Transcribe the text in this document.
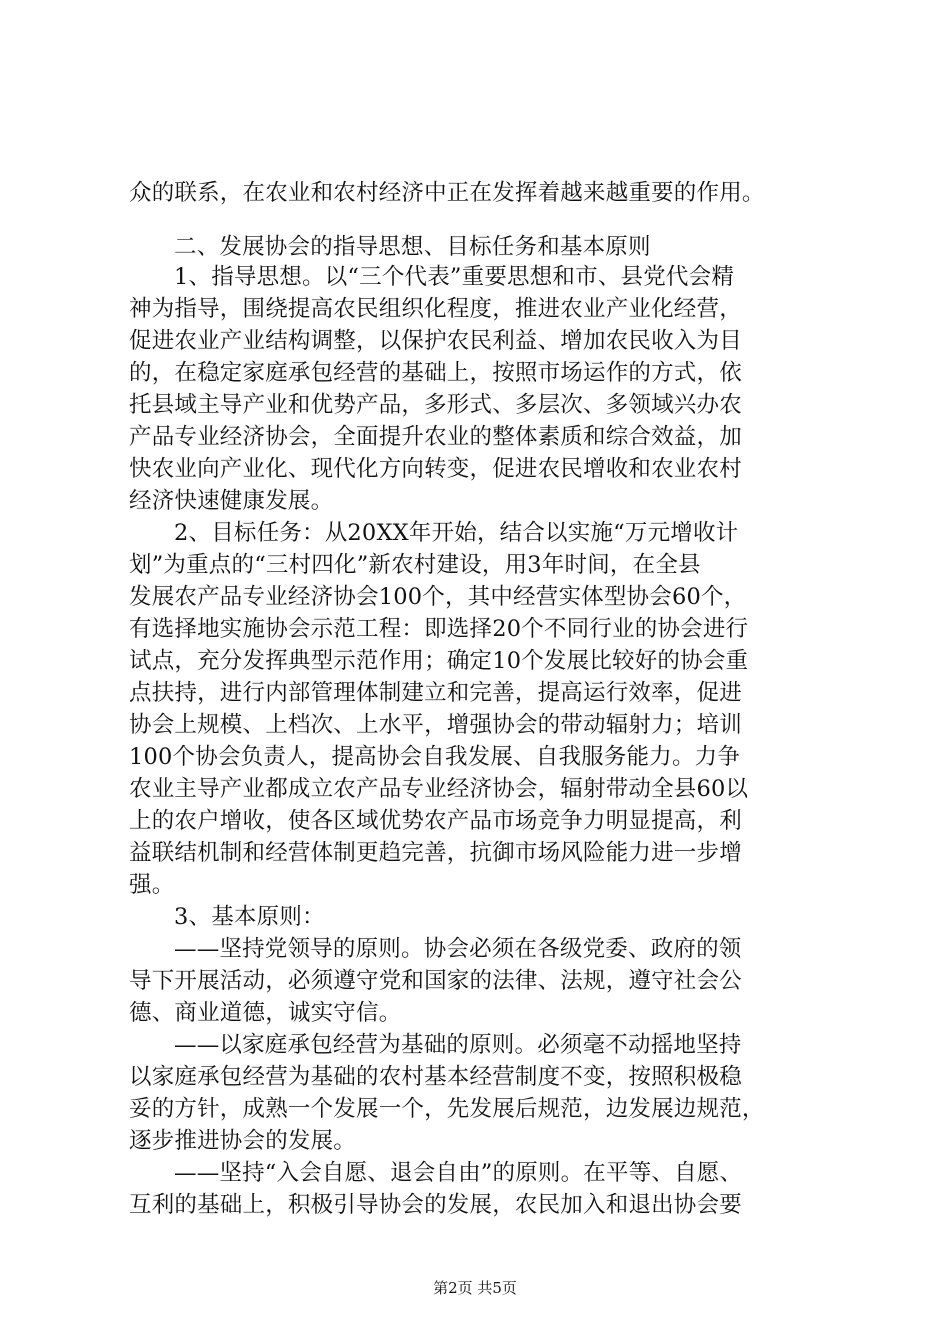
众的联系，在农业和农村经济中正在发挥着越来越重要的作用。
二、发展协会的指导思想、目标任务和基本原则
1、指导思想。以“三个代表”重要思想和市、县党代会精
神为指导，围绕提高农民组织化程度，推进农业产业化经营，
促进农业产业结构调整，以保护农民利益、增加农民收入为目
的，在稳定家庭承包经营的基础上，按照市场运作的方式，依
托县域主导产业和优势产品，多形式、多层次、多领域兴办农
产品专业经济协会，全面提升农业的整体素质和综合效益，加
快农业向产业化、现代化方向转变，促进农民增收和农业农村
经济快速健康发展。
2、目标任务：从20XX年开始，结合以实施“万元增收计
划”为重点的“三村四化”新农村建设，用3年时间，在全县
发展农产品专业经济协会100个，其中经营实体型协会60个，
有选择地实施协会示范工程：即选择20个不同行业的协会进行
试点，充分发挥典型示范作用；确定10个发展比较好的协会重
点扶持，进行内部管理体制建立和完善，提高运行效率，促进
协会上规模、上档次、上水平，增强协会的带动辐射力；培训
100个协会负责人，提高协会自我发展、自我服务能力。力争
农业主导产业都成立农产品专业经济协会，辐射带动全县60以
上的农户增收，使各区域优势农产品市场竞争力明显提高，利
益联结机制和经营体制更趋完善，抗御市场风险能力进一步增
强。
3、基本原则：
——坚持党领导的原则。协会必须在各级党委、政府的领
导下开展活动，必须遵守党和国家的法律、法规，遵守社会公
德、商业道德，诚实守信。
——以家庭承包经营为基础的原则。必须毫不动摇地坚持
以家庭承包经营为基础的农村基本经营制度不变，按照积极稳
妥的方针，成熟一个发展一个，先发展后规范，边发展边规范，
逐步推进协会的发展。
——坚持“入会自愿、退会自由”的原则。在平等、自愿、
互利的基础上，积极引导协会的发展，农民加入和退出协会要
第2页 共5页
